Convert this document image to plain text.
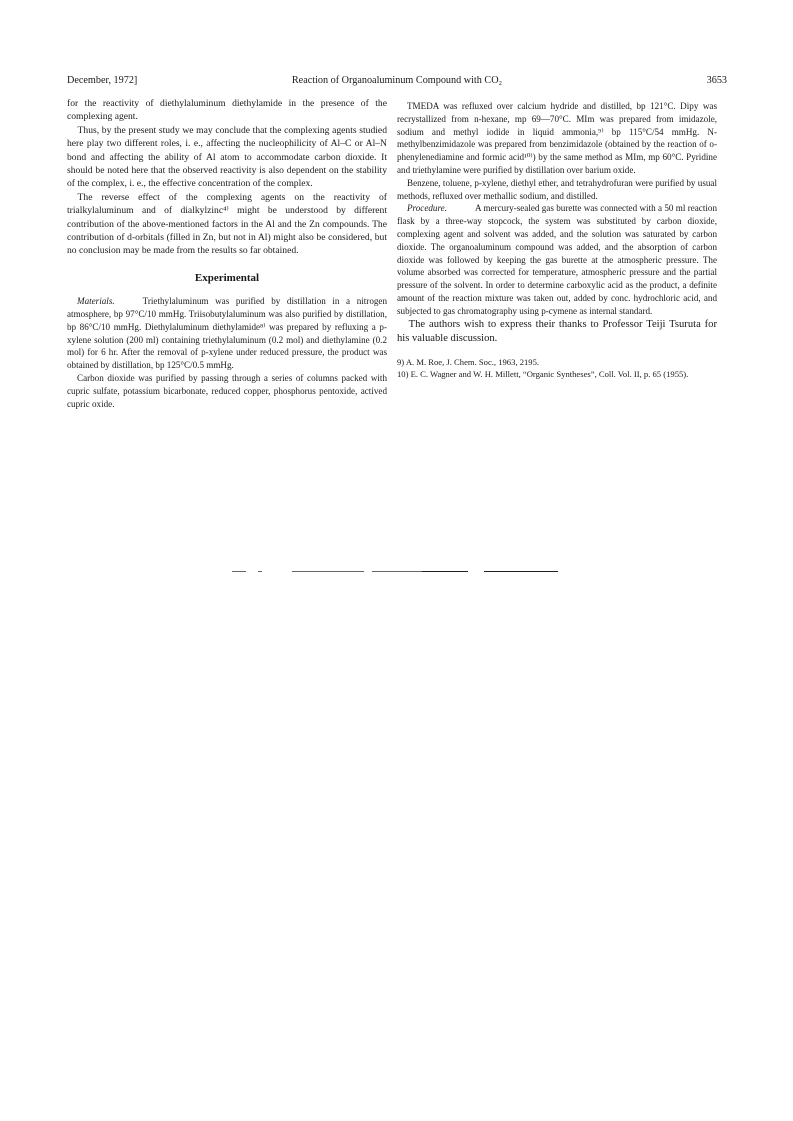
December, 1972]	Reaction of Organoaluminum Compound with CO₂	3653

for the reactivity of diethylaluminum diethylamide in the presence of the complexing agent.

Thus, by the present study we may conclude that the complexing agents studied here play two different roles, i. e., affecting the nucleophilicity of Al–C or Al–N bond and affecting the ability of Al atom to accommodate carbon dioxide. It should be noted here that the observed reactivity is also dependent on the stability of the complex, i. e., the effective concentration of the complex.

The reverse effect of the complexing agents on the reactivity of trialkylaluminum and of dialkylzinc⁴⁾ might be understood by different contribution of the above-mentioned factors in the Al and the Zn compounds. The contribution of d-orbitals (filled in Zn, but not in Al) might also be considered, but no conclusion may be made from the results so far obtained.

Experimental

Materials.	Triethylaluminum was purified by distillation in a nitrogen atmosphere, bp 97°C/10 mmHg. Triisobutylaluminum was also purified by distillation, bp 86°C/10 mmHg. Diethylaluminum diethylamide⁸⁾ was prepared by refluxing a p-xylene solution (200 ml) containing triethylaluminum (0.2 mol) and diethylamine (0.2 mol) for 6 hr. After the removal of p-xylene under reduced pressure, the product was obtained by distillation, bp 125°C/0.5 mmHg.

Carbon dioxide was purified by passing through a series of columns packed with cupric sulfate, potassium bicarbonate, reduced copper, phosphorus pentoxide, actived cupric oxide.

TMEDA was refluxed over calcium hydride and distilled, bp 121°C. Dipy was recrystallized from n-hexane, mp 69—70°C. MIm was prepared from imidazole, sodium and methyl iodide in liquid ammonia,⁹⁾ bp 115°C/54 mmHg. N-methylbenzimidazole was prepared from benzimidazole (obtained by the reaction of o-phenylenediamine and formic acid¹⁰⁾) by the same method as MIm, mp 60°C. Pyridine and triethylamine were purified by distillation over barium oxide.

Benzene, toluene, p-xylene, diethyl ether, and tetrahydrofuran were purified by usual methods, refluxed over methallic sodium, and distilled.

Procedure.	A mercury-sealed gas burette was connected with a 50 ml reaction flask by a three-way stopcock, the system was substituted by carbon dioxide, complexing agent and solvent was added, and the solution was saturated by carbon dioxide. The organoaluminum compound was added, and the absorption of carbon dioxide was followed by keeping the gas burette at the atmospheric pressure. The volume absorbed was corrected for temperature, atmospheric pressure and the partial pressure of the solvent. In order to determine carboxylic acid as the product, a definite amount of the reaction mixture was taken out, added by conc. hydrochloric acid, and subjected to gas chromatography using p-cymene as internal standard.

The authors wish to express their thanks to Professor Teiji Tsuruta for his valuable discussion.

9) A. M. Roe, J. Chem. Soc., 1963, 2195.
10) E. C. Wagner and W. H. Millett, “Organic Syntheses”, Coll. Vol. II, p. 65 (1955).
